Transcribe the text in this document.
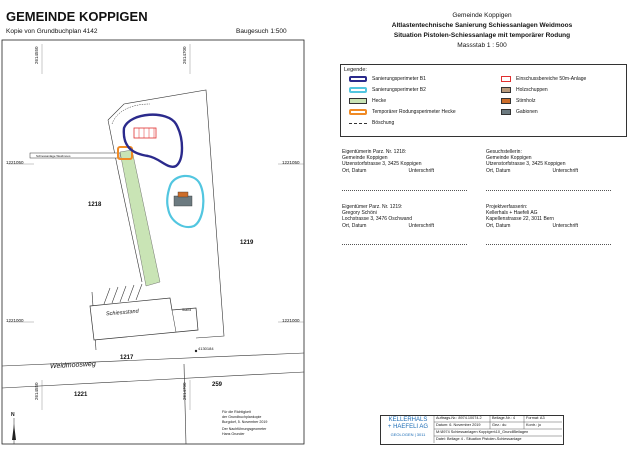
GEMEINDE KOPPIGEN
Kopie von Grundbuchplan 4142	Baugesuch 1:500
Gemeinde Koppigen
Altlastentechnische Sanierung Schiessanlagen Weidmoos
Situation Pistolen-Schiessanlage mit temporärer Rodung
Massstab 1 : 500
1221050	1221050
1221000	1221000
2614550	2614700
2614550	2614700
1218
1219
1217
1221
259
Weidmoosweg
Schiessstand	Stand
Schiessanlage Weidmoos
4130184
N	Für die Richtigkeit
der Grundbuchplankopie
Burgdorf, 5. November 2019
Der Nachführungsgeometer
Hans Grunder
Legende:
Sanierungsperimeter B1
Sanierungsperimeter B2
Hecke
Temporärer Rodungsperimeter Hecke
Böschung
Einschussbereiche 50m-Anlage
Holzschuppen
Stirnholz
Gabionen
Eigentümerin Parz. Nr. 1218:
Gemeinde Koppigen
Utzenstorfstrasse 3, 3425 Koppigen
Ort, Datum	Unterschrift
Gesuchstellerin:
Gemeinde Koppigen
Utzenstorfstrasse 3, 3425 Koppigen
Ort, Datum	Unterschrift
Eigentümer Parz. Nr. 1219:
Gregory Schöni
Lochstrasse 3, 3476 Oschwand
Ort, Datum	Unterschrift
Projektverfasserin:
Kellerhals + Haefeli AG
Kapellenstrasse 22, 3011 Bern
Ort, Datum	Unterschrift
KELLERHALS
+ HAEFELI AG
GEOLOGEN | 3011
Auftrags-Nr.: 8974.10074.2	Beilage-Nr.: 4	Format: A3
Datum: 6. November 2019	Gez.: du	Kontr.: jo
M:\8974 Schiessanlagen Koppigen\10_GrundlBeilagen
Datei: Beilage 4 - Situation Pistolen-Schiessanlage
